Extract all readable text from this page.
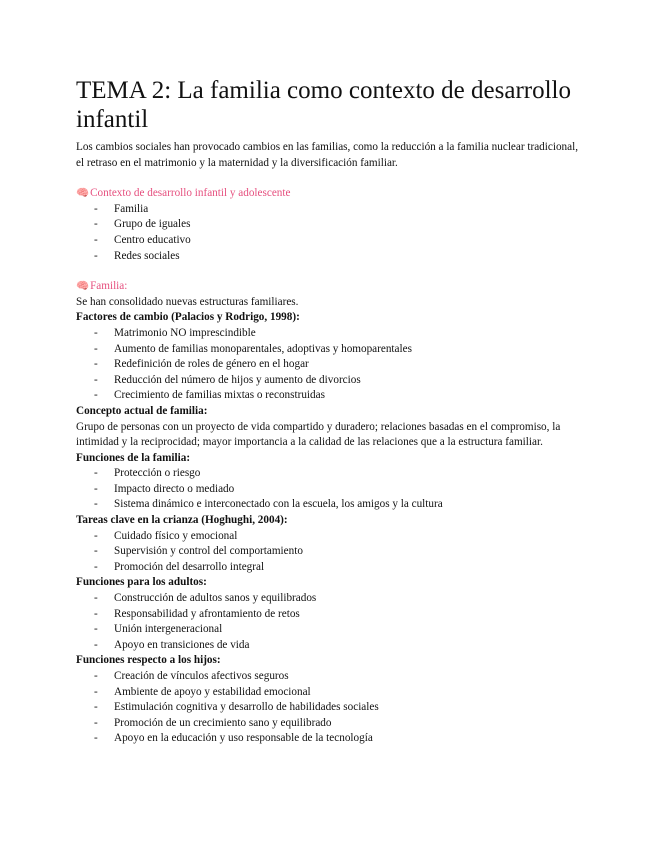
TEMA 2: La familia como contexto de desarrollo infantil

Los cambios sociales han provocado cambios en las familias, como la reducción a la familia nuclear tradicional, el retraso en el matrimonio y la maternidad y la diversificación familiar.

🧠 Contexto de desarrollo infantil y adolescente
- Familia
- Grupo de iguales
- Centro educativo
- Redes sociales
🧠 Familia:

Se han consolidado nuevas estructuras familiares.

Factores de cambio (Palacios y Rodrigo, 1998):
- Matrimonio NO imprescindible
- Aumento de familias monoparentales, adoptivas y homoparentales
- Redefinición de roles de género en el hogar
- Reducción del número de hijos y aumento de divorcios
- Crecimiento de familias mixtas o reconstruidas
Concepto actual de familia:

Grupo de personas con un proyecto de vida compartido y duradero; relaciones basadas en el compromiso, la intimidad y la reciprocidad; mayor importancia a la calidad de las relaciones que a la estructura familiar.

Funciones de la familia:
- Protección o riesgo
- Impacto directo o mediado
- Sistema dinámico e interconectado con la escuela, los amigos y la cultura
Tareas clave en la crianza (Hoghughi, 2004):
- Cuidado físico y emocional
- Supervisión y control del comportamiento
- Promoción del desarrollo integral
Funciones para los adultos:
- Construcción de adultos sanos y equilibrados
- Responsabilidad y afrontamiento de retos
- Unión intergeneracional
- Apoyo en transiciones de vida
Funciones respecto a los hijos:
- Creación de vínculos afectivos seguros
- Ambiente de apoyo y estabilidad emocional
- Estimulación cognitiva y desarrollo de habilidades sociales
- Promoción de un crecimiento sano y equilibrado
- Apoyo en la educación y uso responsable de la tecnología
